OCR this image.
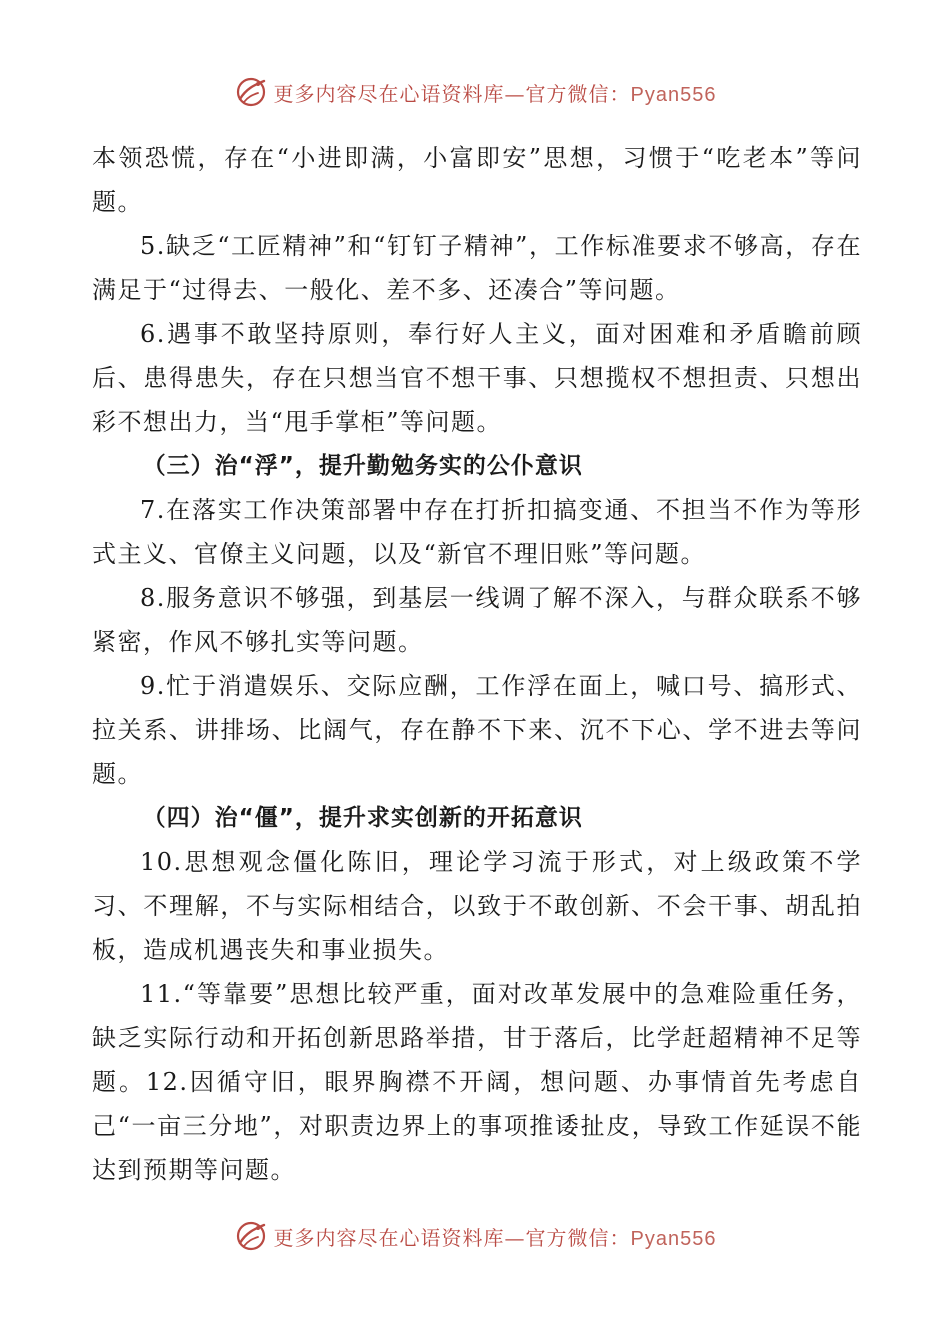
更多内容尽在心语资料库—官方微信：Pyan556

本领恐慌，存在“小进即满，小富即安”思想，习惯于“吃老本”等问题。

5.缺乏“工匠精神”和“钉钉子精神”，工作标准要求不够高，存在满足于“过得去、一般化、差不多、还凑合”等问题。

6.遇事不敢坚持原则，奉行好人主义，面对困难和矛盾瞻前顾后、患得患失，存在只想当官不想干事、只想揽权不想担责、只想出彩不想出力，当“甩手掌柜”等问题。

（三）治“浮”，提升勤勉务实的公仆意识

7.在落实工作决策部署中存在打折扣搞变通、不担当不作为等形式主义、官僚主义问题，以及“新官不理旧账”等问题。

8.服务意识不够强，到基层一线调了解不深入，与群众联系不够紧密，作风不够扎实等问题。

9.忙于消遣娱乐、交际应酬，工作浮在面上，喊口号、搞形式、拉关系、讲排场、比阔气，存在静不下来、沉不下心、学不进去等问题。

（四）治“僵”，提升求实创新的开拓意识

10.思想观念僵化陈旧，理论学习流于形式，对上级政策不学习、不理解，不与实际相结合，以致于不敢创新、不会干事、胡乱拍板，造成机遇丧失和事业损失。

11.“等靠要”思想比较严重，面对改革发展中的急难险重任务，缺乏实际行动和开拓创新思路举措，甘于落后，比学赶超精神不足等题。12.因循守旧，眼界胸襟不开阔，想问题、办事情首先考虑自己“一亩三分地”，对职责边界上的事项推诿扯皮，导致工作延误不能达到预期等问题。

更多内容尽在心语资料库—官方微信：Pyan556
